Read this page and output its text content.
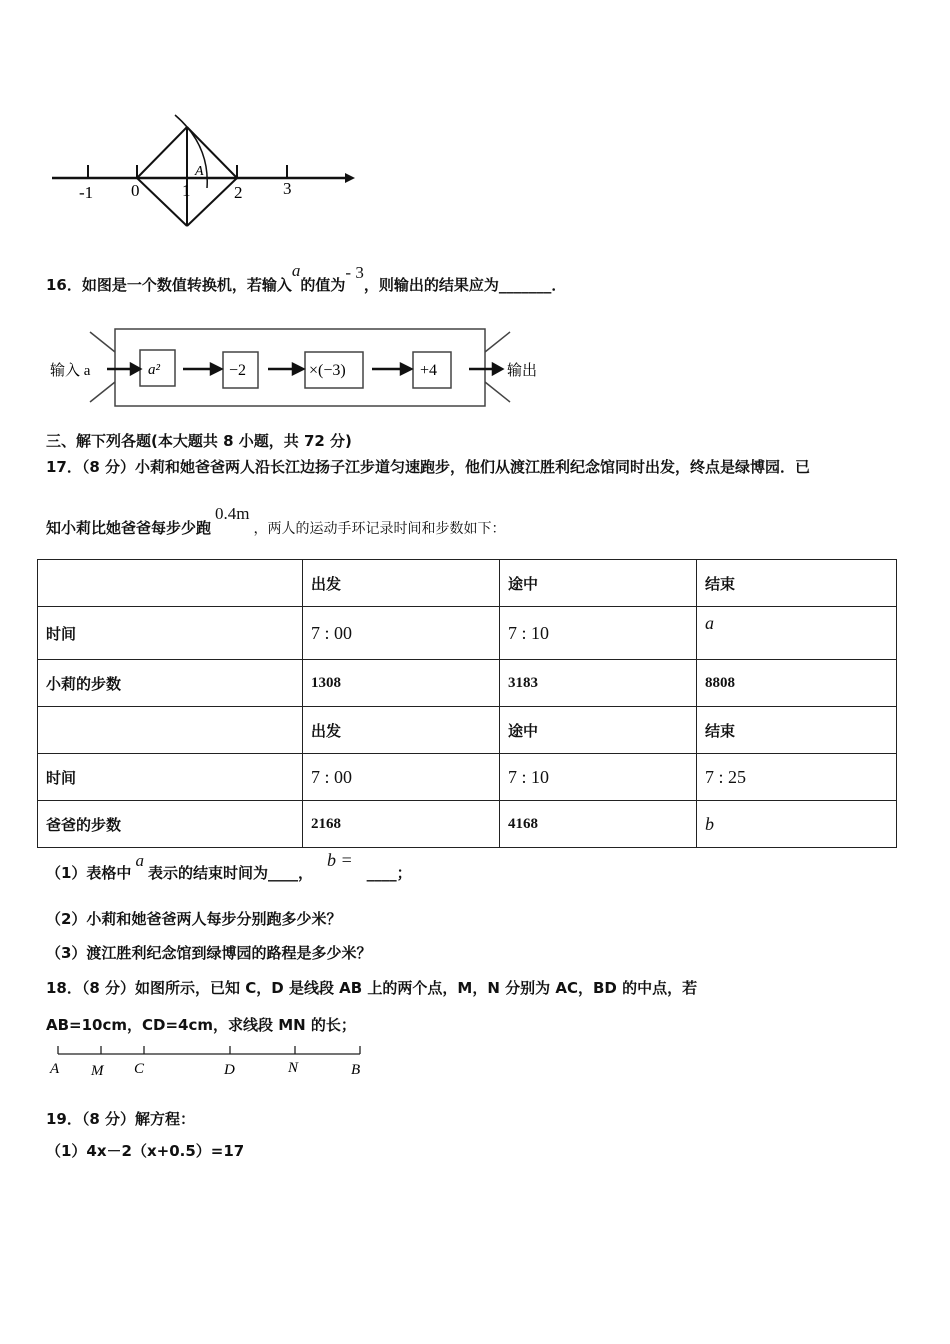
-1 0	1	2 3
A
16．如图是一个数值转换机，若输入a的值为- 3，则输出的结果应为_______．
输入 a	a²	−2	×(−3)	+4	输出
三、解下列各题(本大题共 8 小题，共 72 分)
17．（8 分）小莉和她爸爸两人沿长江边扬子江步道匀速跑步，他们从渡江胜利纪念馆同时出发，终点是绿博园．已
知小莉比她爸爸每步少跑0.4m，两人的运动手环记录时间和步数如下：
	出发	途中	结束
时间	7 : 00	7 : 10	a
小莉的步数	1308	3183	8808
	出发	途中	结束
时间	7 : 00	7 : 10	7 : 25
爸爸的步数	2168	4168	b
（1）表格中a表示的结束时间为____，b =____；
（2）小莉和她爸爸两人每步分别跑多少米？
（3）渡江胜利纪念馆到绿博园的路程是多少米？
18．（8 分）如图所示，已知 C，D 是线段 AB 上的两个点，M，N 分别为 AC，BD 的中点，若
AB=10cm，CD=4cm，求线段 MN 的长；
A M C	D	N	B
19．（8 分）解方程：
（1）4x－2（x+0.5）=17
